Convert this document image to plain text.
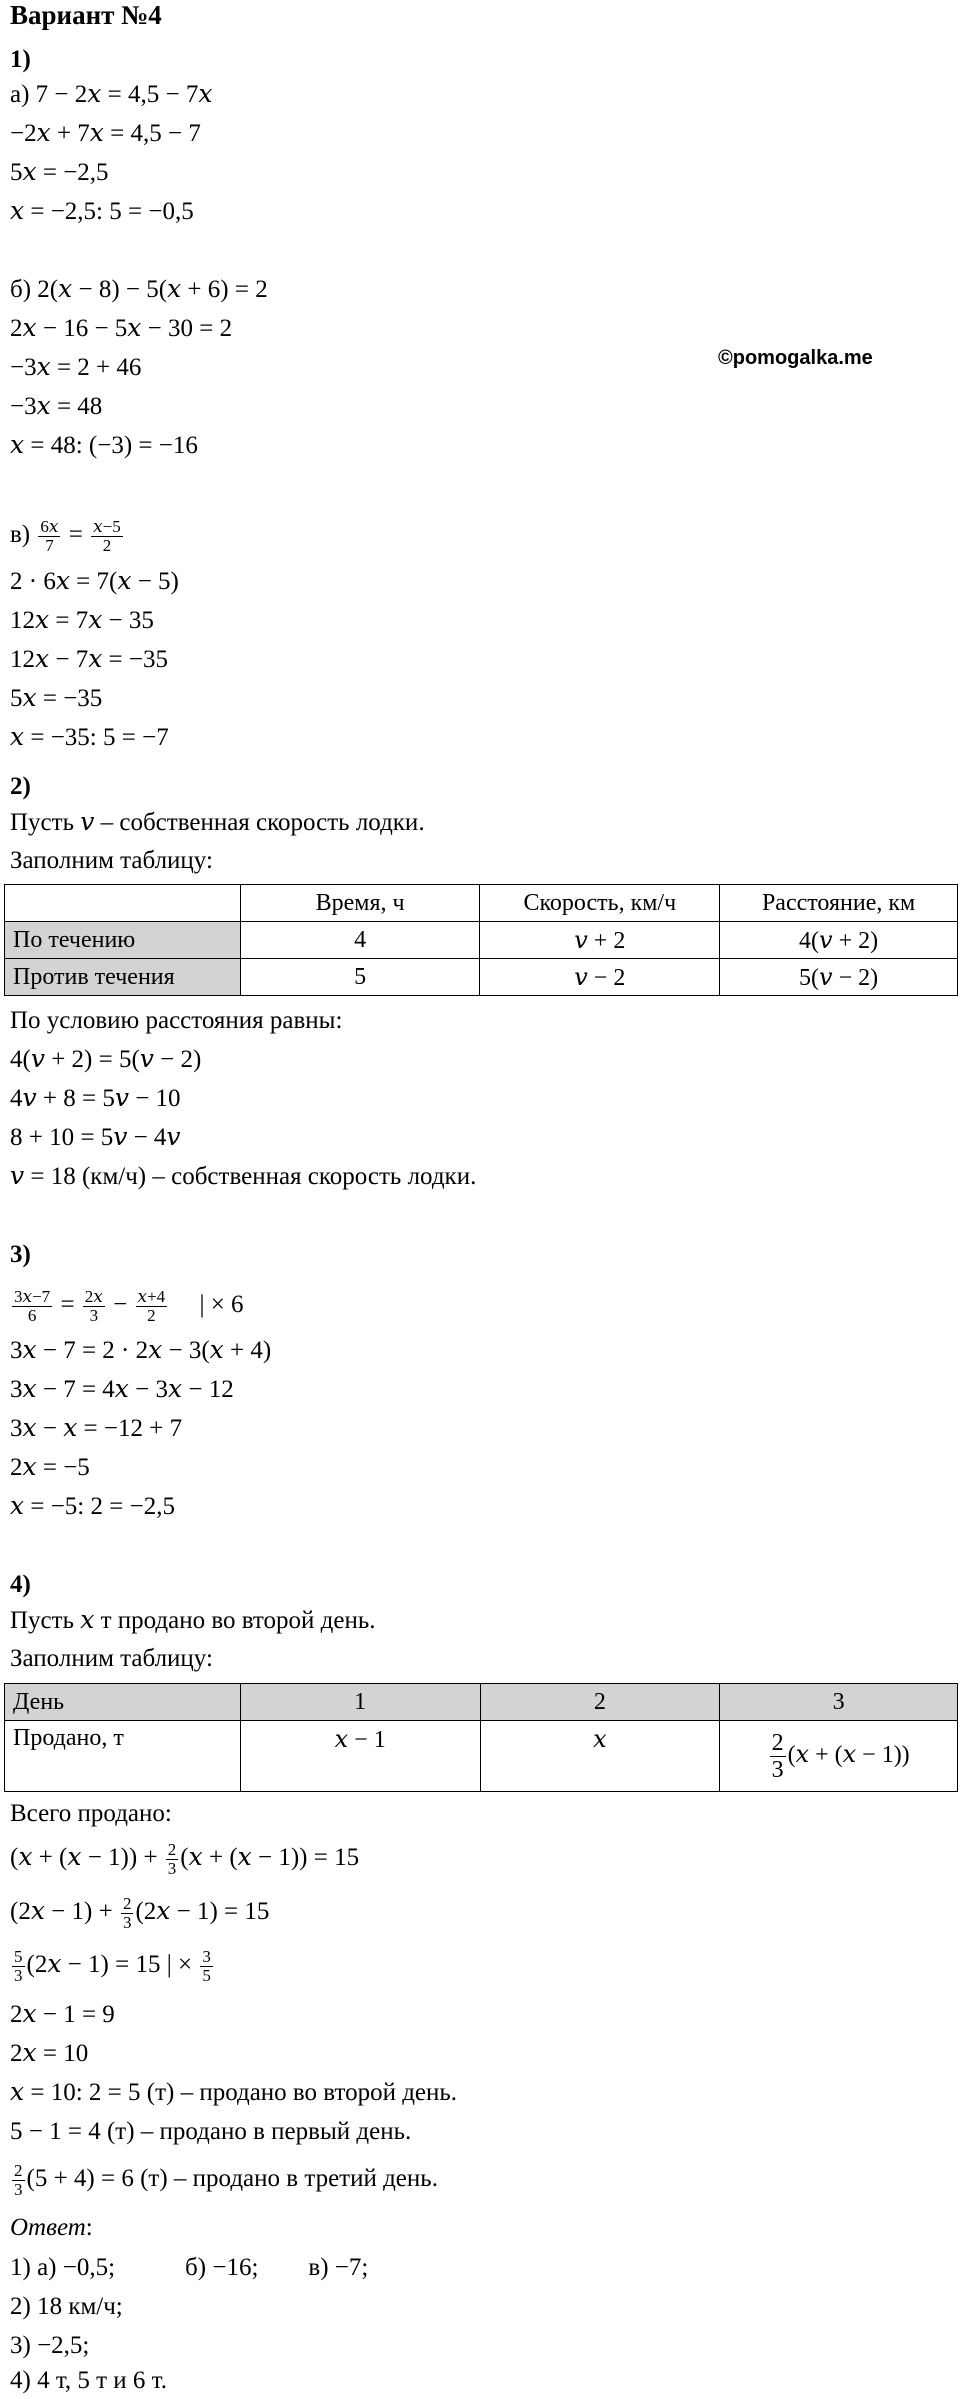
Вариант №4
©pomogalka.me
1)
а) 7 − 2𝑥 = 4,5 − 7𝑥
−2𝑥 + 7𝑥 = 4,5 − 7
5𝑥 = −2,5
𝑥 = −2,5: 5 = −0,5
б) 2(𝑥 − 8) − 5(𝑥 + 6) = 2
2𝑥 − 16 − 5𝑥 − 30 = 2
−3𝑥 = 2 + 46
−3𝑥 = 48
𝑥 = 48: (−3) = −16
$в) \frac{\text{6𝑥}}{7} = \frac{\text{𝑥−5}}{2}$
2 · 6𝑥 = 7(𝑥 − 5)
12𝑥 = 7𝑥 − 35
12𝑥 − 7𝑥 = −35
5𝑥 = −35
𝑥 = −35: 5 = −7
2)
Пусть 𝑣 – собственная скорость лодки.
Заполним таблицу:
	Время, ч	Скорость, км/ч	Расстояние, км
По течению	4	𝑣 + 2	4(𝑣 + 2)
Против течения	5	𝑣 − 2	5(𝑣 − 2)
По условию расстояния равны:
4(𝑣 + 2) = 5(𝑣 − 2)
4𝑣 + 8 = 5𝑣 − 10
8 + 10 = 5𝑣 − 4𝑣
𝑣 = 18 (км/ч) – собственная скорость лодки.
3)
$\frac{\text{3𝑥−7}}{6} = \frac{\text{2𝑥}}{3} - \frac{\text{𝑥+4}}{2}$ | × 6
3𝑥 − 7 = 2 · 2𝑥 − 3(𝑥 + 4)
3𝑥 − 7 = 4𝑥 − 3𝑥 − 12
3𝑥 − 𝑥 = −12 + 7
2𝑥 = −5
𝑥 = −5: 2 = −2,5
4)
Пусть 𝑥 т продано во второй день.
Заполним таблицу:
День	1	2	3
Продано, т	𝑥 − 1	𝑥	$\frac{2}{3}$ (𝑥 + (𝑥 − 1))
Всего продано:
(𝑥 + (𝑥 − $1)) + \frac{2}{3}$ (𝑥 + (𝑥 − 1)) = 15
(2𝑥 − $1) + \frac{2}{3}$ (2𝑥 − 1) = 15
$\frac{5}{3}$ (2𝑥 − 1) = 15 | × $\frac{3}{5}$
2𝑥 − 1 = 9
2𝑥 = 10
𝑥 = 10: 2 = 5 (т) – продано во второй день.
5 − 1 = 4 (т) – продано в первый день.
$\frac{2}{3} (5 + 4) = 6$ (т) – продано в третий день.
Ответ:
1) а) −0,5;	б) −16; в) −7;
2) 18 км/ч;
3) −2,5;
4) 4 т, 5 т и 6 т.
